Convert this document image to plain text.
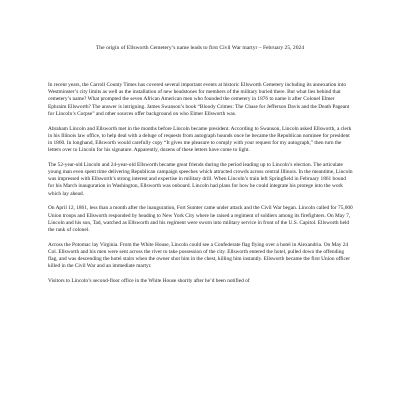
The origin of Ellsworth Cemetery’s name leads to first Civil War martyr – February 25, 2024

In recent years, the Carroll County Times has covered several important events at historic Ellsworth Cemetery including its annexation into Westminster’s city limits as well as the installation of new headstones for members of the military buried there. But what lies behind that cemetery’s name? What prompted the seven African American men who founded the cemetery in 1876 to name it after Colonel Elmer Ephraim Ellsworth? The answer is intriguing. James Swanson’s book “Bloody Crimes: The Chase for Jefferson Davis and the Death Pageant for Lincoln’s Corpse” and other sources offer background on who Elmer Ellsworth was.

Abraham Lincoln and Ellsworth met in the months before Lincoln became president. According to Swanson, Lincoln asked Ellsworth, a clerk in his Illinois law office, to help deal with a deluge of requests from autograph hounds once he became the Republican nominee for president in 1860. In longhand, Ellsworth would carefully copy “It gives me pleasure to comply with your request for my autograph,” then turn the letters over to Lincoln for his signature. Apparently, dozens of these letters have come to light.

The 52-year-old Lincoln and 24-year-old Ellsworth became great friends during the period leading up to Lincoln’s election. The articulate young man even spent time delivering Republican campaign speeches which attracted crowds across central Illinois. In the meantime, Lincoln was impressed with Ellsworth’s strong interest and expertise in military drill. When Lincoln’s train left Springfield in February 1861 bound for his March inauguration in Washington, Ellsworth was onboard. Lincoln had plans for how he could integrate his protege into the work which lay ahead.

On April 12, 1861, less than a month after the inauguration, Fort Sumter came under attack and the Civil War began. Lincoln called for 75,000 Union troops and Ellsworth responded by heading to New York City where he raised a regiment of soldiers among its firefighters. On May 7, Lincoln and his son, Tad, watched as Ellsworth and his regiment were sworn into military service in front of the U.S. Capitol. Ellsworth held the rank of colonel.

Across the Potomac lay Virginia. From the White House, Lincoln could see a Confederate flag flying over a hotel in Alexandria. On May 24 Col. Ellsworth and his men were sent across the river to take possession of the city. Ellsworth entered the hotel, pulled down the offending flag, and was descending the hotel stairs when the owner shot him in the chest, killing him instantly. Ellsworth became the first Union officer killed in the Civil War and an immediate martyr.

Visitors to Lincoln’s second-floor office in the White House shortly after he’d been notified of
